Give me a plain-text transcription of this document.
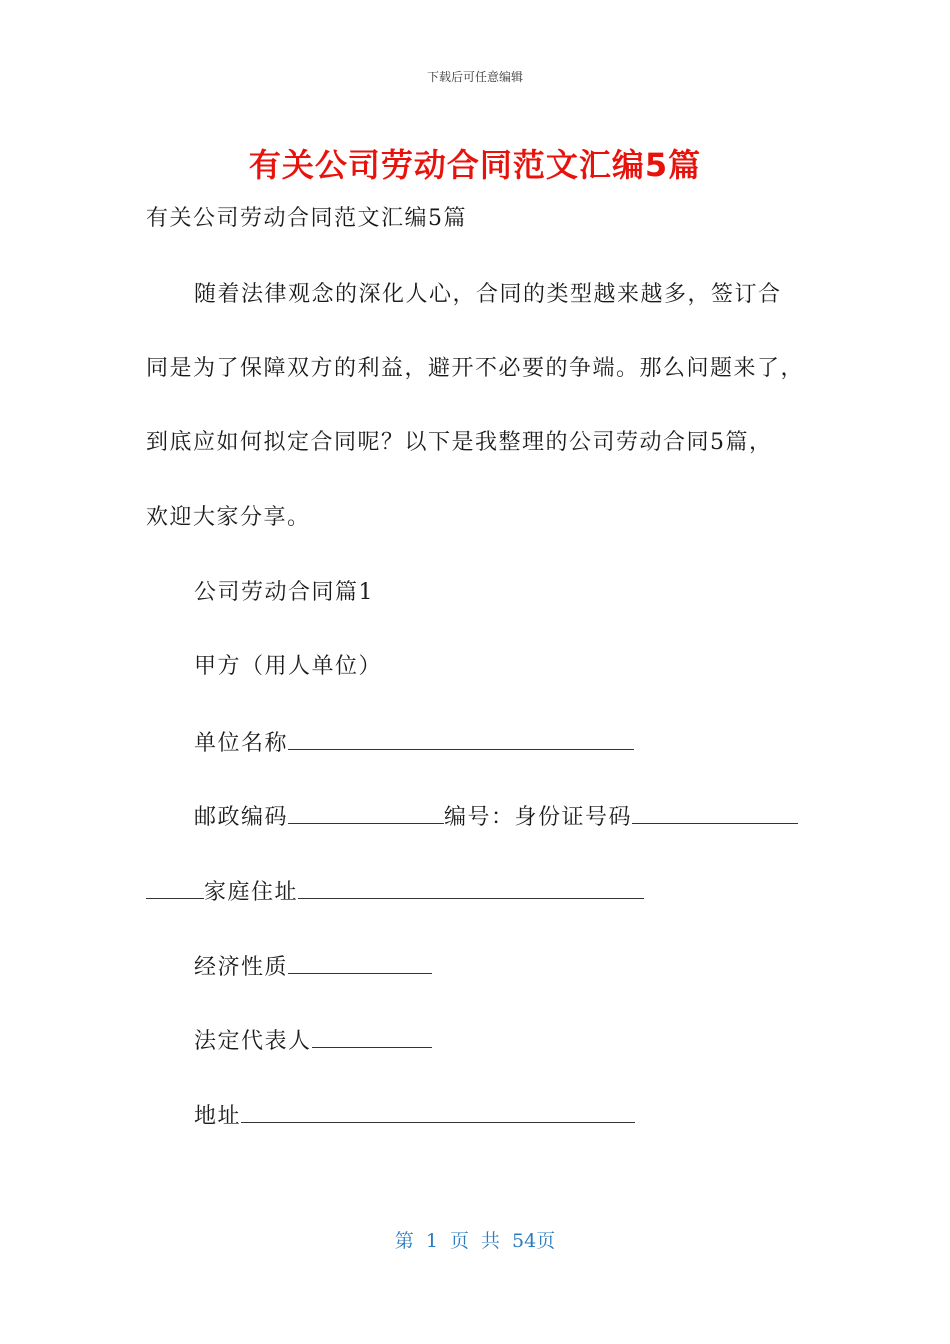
下载后可任意编辑
有关公司劳动合同范文汇编5篇
有关公司劳动合同范文汇编5篇
随着法律观念的深化人心，合同的类型越来越多，签订合
同是为了保障双方的利益，避开不必要的争端。那么问题来了，
到底应如何拟定合同呢？以下是我整理的公司劳动合同5篇，
欢迎大家分享。
公司劳动合同篇1
甲方（用人单位）
单位名称
邮政编码	编号：身份证号码
家庭住址
经济性质
法定代表人
地址
第 1 页 共 54页
